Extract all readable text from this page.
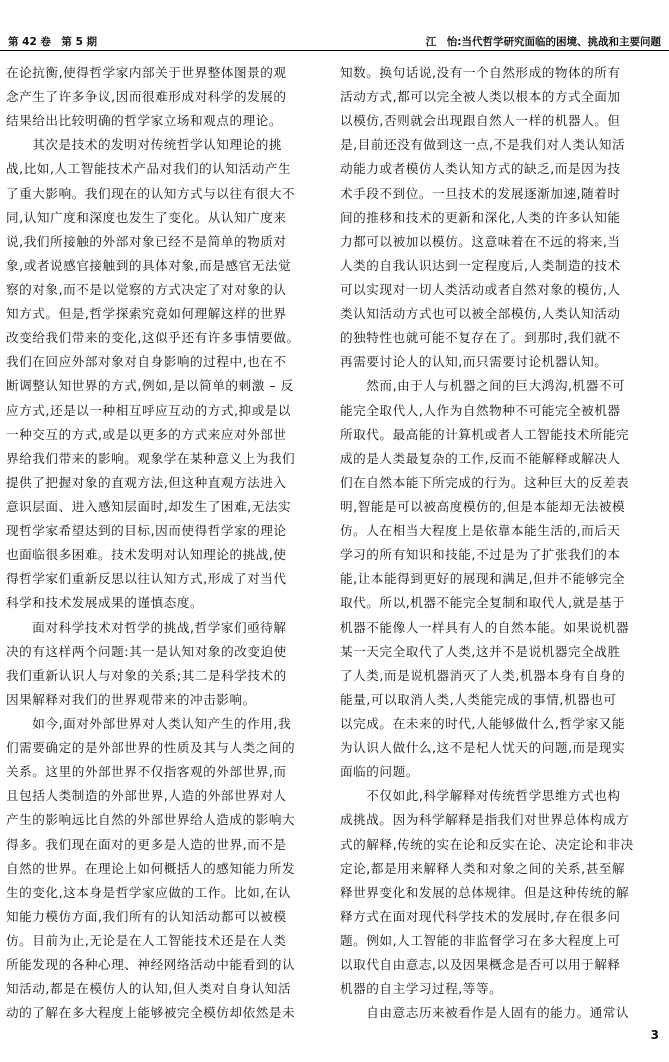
第 42 卷　第 5 期	江　怡:当代哲学研究面临的困境、挑战和主要问题
在论抗衡,使得哲学家内部关于世界整体图景的观
念产生了许多争议,因而很难形成对科学的发展的
结果给出比较明确的哲学家立场和观点的理论。
　　其次是技术的发明对传统哲学认知理论的挑
战,比如,人工智能技术产品对我们的认知活动产生
了重大影响。我们现在的认知方式与以往有很大不
同,认知广度和深度也发生了变化。从认知广度来
说,我们所接触的外部对象已经不是简单的物质对
象,或者说感官接触到的具体对象,而是感官无法觉
察的对象,而不是以觉察的方式决定了对对象的认
知方式。但是,哲学探索究竟如何理解这样的世界
改变给我们带来的变化,这似乎还有许多事情要做。
我们在回应外部对象对自身影响的过程中,也在不
断调整认知世界的方式,例如,是以简单的刺激 – 反
应方式,还是以一种相互呼应互动的方式,抑或是以
一种交互的方式,或是以更多的方式来应对外部世
界给我们带来的影响。观象学在某种意义上为我们
提供了把握对象的直观方法,但这种直观方法进入
意识层面、进入感知层面时,却发生了困难,无法实
现哲学家希望达到的目标,因而使得哲学家的理论
也面临很多困难。技术发明对认知理论的挑战,使
得哲学家们重新反思以往认知方式,形成了对当代
科学和技术发展成果的谨慎态度。
　　面对科学技术对哲学的挑战,哲学家们亟待解
决的有这样两个问题:其一是认知对象的改变迫使
我们重新认识人与对象的关系;其二是科学技术的
因果解释对我们的世界观带来的冲击影响。
　　如今,面对外部世界对人类认知产生的作用,我
们需要确定的是外部世界的性质及其与人类之间的
关系。这里的外部世界不仅指客观的外部世界,而
且包括人类制造的外部世界,人造的外部世界对人
产生的影响远比自然的外部世界给人造成的影响大
得多。我们现在面对的更多是人造的世界,而不是
自然的世界。在理论上如何概括人的感知能力所发
生的变化,这本身是哲学家应做的工作。比如,在认
知能力模仿方面,我们所有的认知活动都可以被模
仿。目前为止,无论是在人工智能技术还是在人类
所能发现的各种心理、神经网络活动中能看到的认
知活动,都是在模仿人的认知,但人类对自身认知活
动的了解在多大程度上能够被完全模仿却依然是未
知数。换句话说,没有一个自然形成的物体的所有
活动方式,都可以完全被人类以根本的方式全面加
以模仿,否则就会出现跟自然人一样的机器人。但
是,目前还没有做到这一点,不是我们对人类认知活
动能力或者模仿人类认知方式的缺乏,而是因为技
术手段不到位。一旦技术的发展逐渐加速,随着时
间的推移和技术的更新和深化,人类的许多认知能
力都可以被加以模仿。这意味着在不远的将来,当
人类的自我认识达到一定程度后,人类制造的技术
可以实现对一切人类活动或者自然对象的模仿,人
类认知活动方式也可以被全部模仿,人类认知活动
的独特性也就可能不复存在了。到那时,我们就不
再需要讨论人的认知,而只需要讨论机器认知。
　　然而,由于人与机器之间的巨大鸿沟,机器不可
能完全取代人,人作为自然物种不可能完全被机器
所取代。最高能的计算机或者人工智能技术所能完
成的是人类最复杂的工作,反而不能解释或解决人
们在自然本能下所完成的行为。这种巨大的反差表
明,智能是可以被高度模仿的,但是本能却无法被模
仿。人在相当大程度上是依靠本能生活的,而后天
学习的所有知识和技能,不过是为了扩张我们的本
能,让本能得到更好的展现和满足,但并不能够完全
取代。所以,机器不能完全复制和取代人,就是基于
机器不能像人一样具有人的自然本能。如果说机器
某一天完全取代了人类,这并不是说机器完全战胜
了人类,而是说机器消灭了人类,机器本身有自身的
能量,可以取消人类,人类能完成的事情,机器也可
以完成。在未来的时代,人能够做什么,哲学家又能
为认识人做什么,这不是杞人忧天的问题,而是现实
面临的问题。
　　不仅如此,科学解释对传统哲学思维方式也构
成挑战。因为科学解释是指我们对世界总体构成方
式的解释,传统的实在论和反实在论、决定论和非决
定论,都是用来解释人类和对象之间的关系,甚至解
释世界变化和发展的总体规律。但是这种传统的解
释方式在面对现代科学技术的发展时,存在很多问
题。例如,人工智能的非监督学习在多大程度上可
以取代自由意志,以及因果概念是否可以用于解释
机器的自主学习过程,等等。
　　自由意志历来被看作是人固有的能力。通常认
3
